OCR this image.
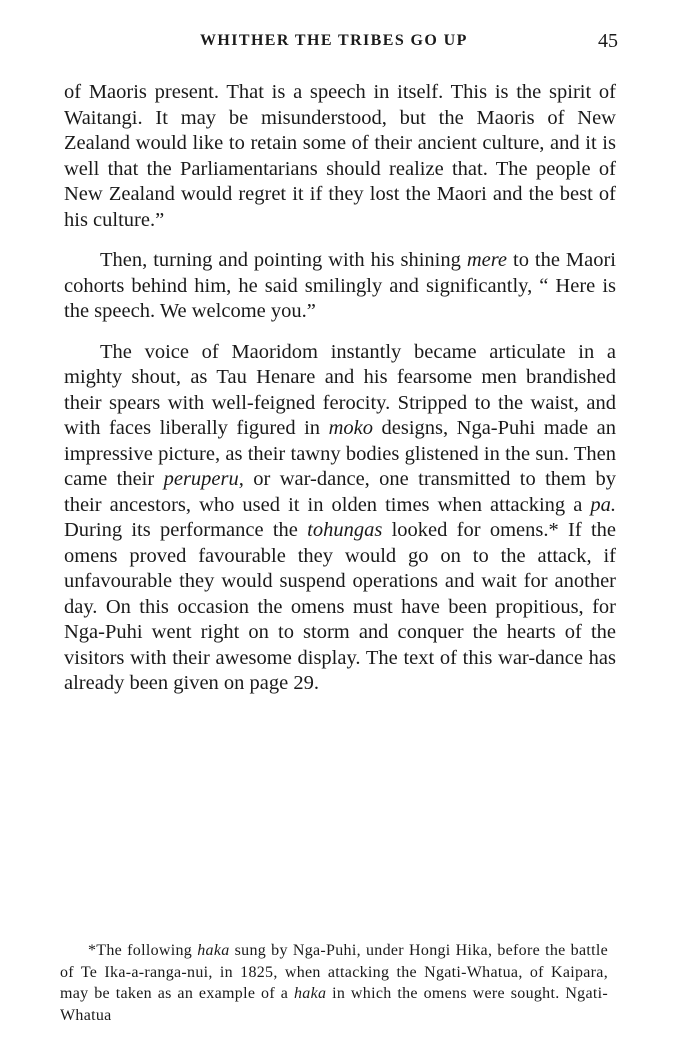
WHITHER THE TRIBES GO UP	45

of Maoris present. That is a speech in itself. This is the spirit of Waitangi. It may be misunderstood, but the Maoris of New Zealand would like to retain some of their ancient culture, and it is well that the Parliamentarians should realize that. The people of New Zealand would regret it if they lost the Maori and the best of his culture.”

Then, turning and pointing with his shining mere to the Maori cohorts behind him, he said smilingly and significantly, “ Here is the speech. We welcome you.”

The voice of Maoridom instantly became articulate in a mighty shout, as Tau Henare and his fearsome men brandished their spears with well-feigned ferocity. Stripped to the waist, and with faces liberally figured in moko designs, Nga-Puhi made an impressive picture, as their tawny bodies glistened in the sun. Then came their peruperu, or war-dance, one transmitted to them by their ancestors, who used it in olden times when attacking a pa. During its performance the tohungas looked for omens.* If the omens proved favourable they would go on to the attack, if unfavourable they would suspend operations and wait for another day. On this occasion the omens must have been propitious, for Nga-Puhi went right on to storm and conquer the hearts of the visitors with their awesome display. The text of this war-dance has already been given on page 29.

*The following haka sung by Nga-Puhi, under Hongi Hika, before the battle of Te Ika-a-ranga-nui, in 1825, when attacking the Ngati-Whatua, of Kaipara, may be taken as an example of a haka in which the omens were sought. Ngati-Whatua
